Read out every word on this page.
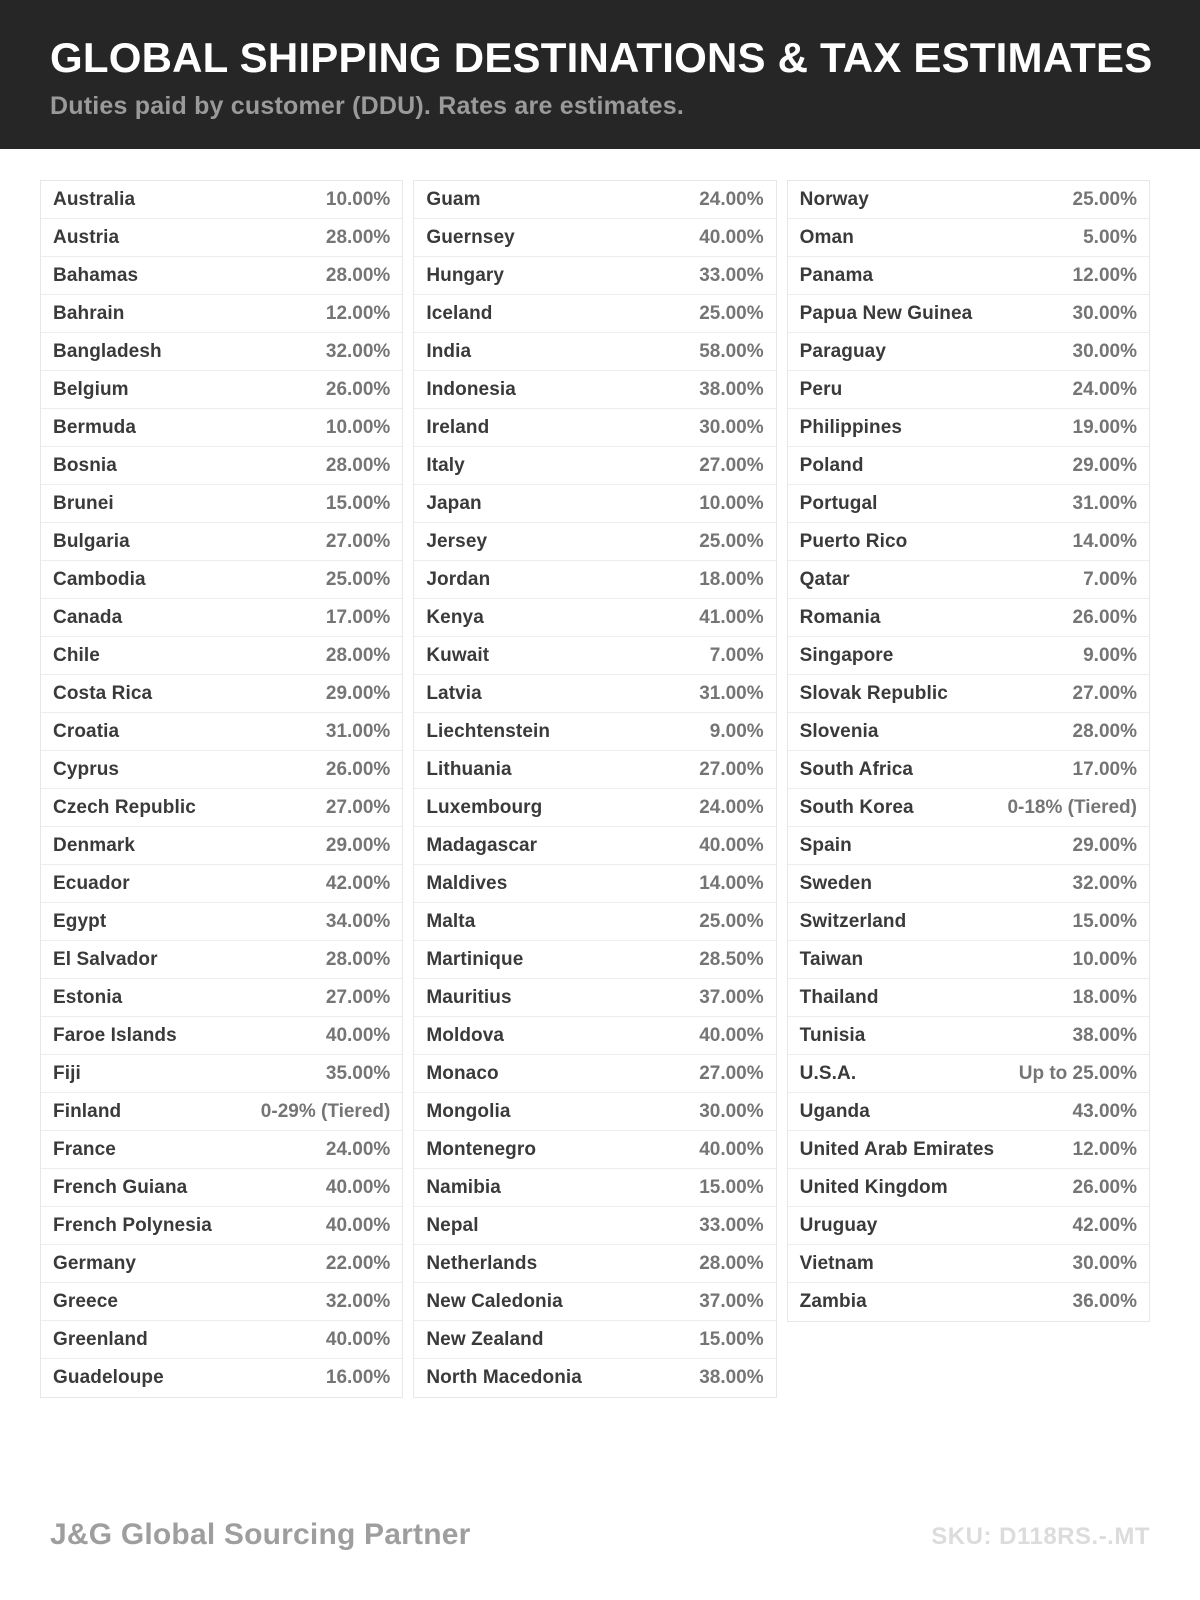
GLOBAL SHIPPING DESTINATIONS & TAX ESTIMATES

Duties paid by customer (DDU). Rates are estimates.

Australia	10.00%
Austria	28.00%
Bahamas	28.00%
Bahrain	12.00%
Bangladesh	32.00%
Belgium	26.00%
Bermuda	10.00%
Bosnia	28.00%
Brunei	15.00%
Bulgaria	27.00%
Cambodia	25.00%
Canada	17.00%
Chile	28.00%
Costa Rica	29.00%
Croatia	31.00%
Cyprus	26.00%
Czech Republic	27.00%
Denmark	29.00%
Ecuador	42.00%
Egypt	34.00%
El Salvador	28.00%
Estonia	27.00%
Faroe Islands	40.00%
Fiji	35.00%
Finland	0-29% (Tiered)
France	24.00%
French Guiana	40.00%
French Polynesia	40.00%
Germany	22.00%
Greece	32.00%
Greenland	40.00%
Guadeloupe	16.00%
Guam	24.00%
Guernsey	40.00%
Hungary	33.00%
Iceland	25.00%
India	58.00%
Indonesia	38.00%
Ireland	30.00%
Italy	27.00%
Japan	10.00%
Jersey	25.00%
Jordan	18.00%
Kenya	41.00%
Kuwait	7.00%
Latvia	31.00%
Liechtenstein	9.00%
Lithuania	27.00%
Luxembourg	24.00%
Madagascar	40.00%
Maldives	14.00%
Malta	25.00%
Martinique	28.50%
Mauritius	37.00%
Moldova	40.00%
Monaco	27.00%
Mongolia	30.00%
Montenegro	40.00%
Namibia	15.00%
Nepal	33.00%
Netherlands	28.00%
New Caledonia	37.00%
New Zealand	15.00%
North Macedonia	38.00%
Norway	25.00%
Oman	5.00%
Panama	12.00%
Papua New Guinea	30.00%
Paraguay	30.00%
Peru	24.00%
Philippines	19.00%
Poland	29.00%
Portugal	31.00%
Puerto Rico	14.00%
Qatar	7.00%
Romania	26.00%
Singapore	9.00%
Slovak Republic	27.00%
Slovenia	28.00%
South Africa	17.00%
South Korea	0-18% (Tiered)
Spain	29.00%
Sweden	32.00%
Switzerland	15.00%
Taiwan	10.00%
Thailand	18.00%
Tunisia	38.00%
U.S.A.	Up to 25.00%
Uganda	43.00%
United Arab Emirates	12.00%
United Kingdom	26.00%
Uruguay	42.00%
Vietnam	30.00%
Zambia	36.00%
J&G Global Sourcing Partner	SKU: D118RS.-.MT
